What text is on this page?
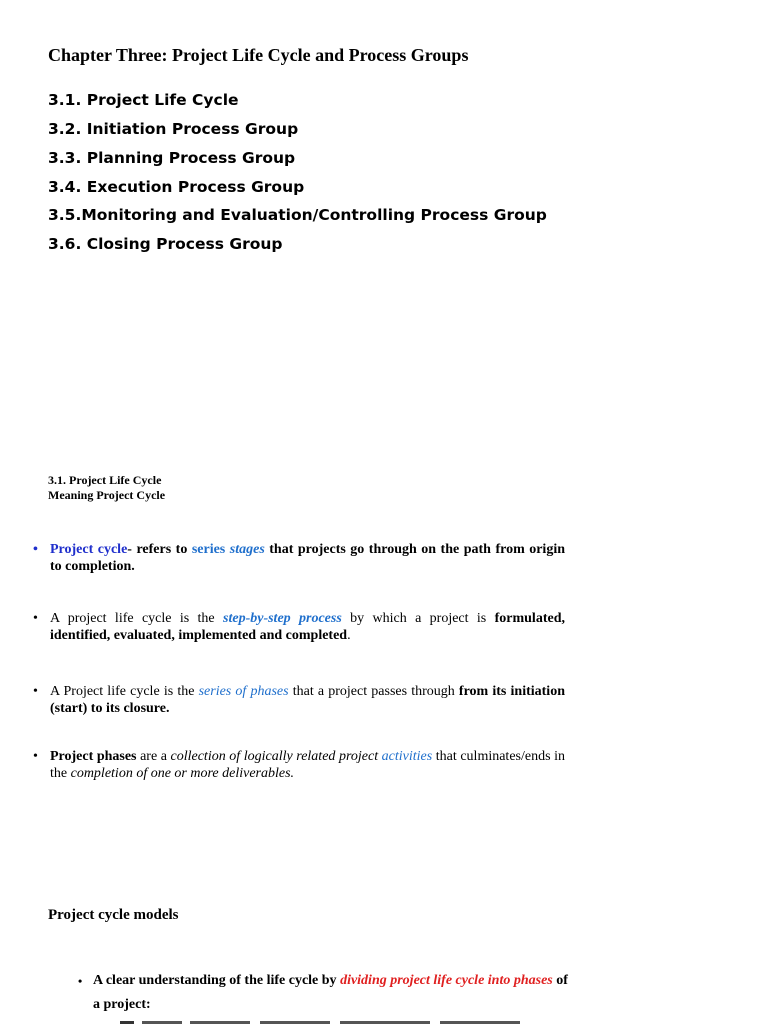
Chapter Three: Project Life Cycle and Process Groups
3.1. Project Life Cycle
3.2. Initiation Process Group
3.3. Planning Process Group
3.4. Execution Process Group
3.5.Monitoring and Evaluation/Controlling Process Group
3.6. Closing Process Group
3.1. Project Life Cycle
Meaning Project Cycle
• Project cycle- refers to series stages that projects go through on the path from origin to completion.
• A project life cycle is the step-by-step process by which a project is formulated, identified, evaluated, implemented and completed.
• A Project life cycle is the series of phases that a project passes through from its initiation (start) to its closure.
• Project phases are a collection of logically related project activities that culminates/ends in the completion of one or more deliverables.
Project cycle models
• A clear understanding of the life cycle by dividing project life cycle into phases of a project:
